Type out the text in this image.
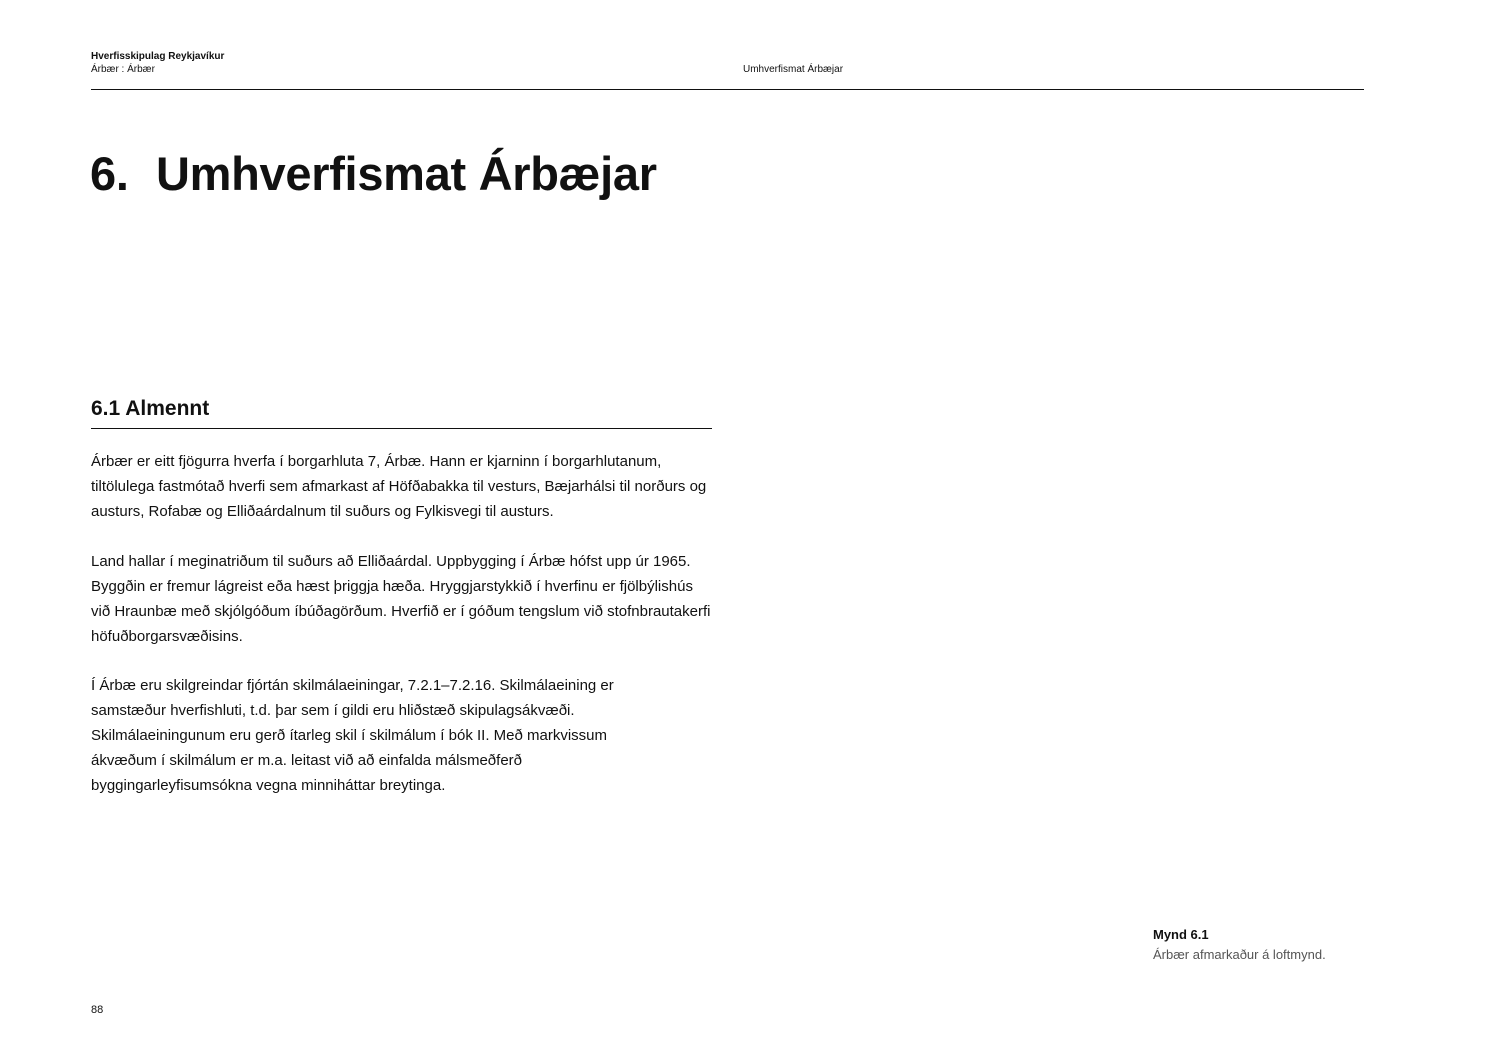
Hverfisskipulag Reykjavíkur
Árbær : Árbær	Umhverfismat Árbæjar
6. Umhverfismat Árbæjar
6.1 Almennt

Árbær er eitt fjögurra hverfa í borgarhluta 7, Árbæ. Hann er kjarninn í borgarhlutanum, tiltölulega fastmótað hverfi sem afmarkast af Höfðabakka til vesturs, Bæjarhálsi til norðurs og austurs, Rofabæ og Elliðaárdalnum til suðurs og Fylkisvegi til austurs.

Land hallar í meginatriðum til suðurs að Elliðaárdal. Uppbygging í Árbæ hófst upp úr 1965. Byggðin er fremur lágreist eða hæst þriggja hæða. Hryggjarstykkið í hverfinu er fjölbýlishús við Hraunbæ með skjólgóðum íbúðagörðum. Hverfið er í góðum tengslum við stofnbrautakerfi höfuðborgarsvæðisins.

Í Árbæ eru skilgreindar fjórtán skilmálaeiningar, 7.2.1–7.2.16. Skilmálaeining er samstæður hverfishluti, t.d. þar sem í gildi eru hliðstæð skipulagsákvæði. Skilmálaeiningunum eru gerð ítarleg skil í skilmálum í bók II. Með markvissum ákvæðum í skilmálum er m.a. leitast við að einfalda málsmeðferð byggingarleyfisumsókna vegna minniháttar breytinga.

Mynd 6.1
Árbær afmarkaður á loftmynd.
88
